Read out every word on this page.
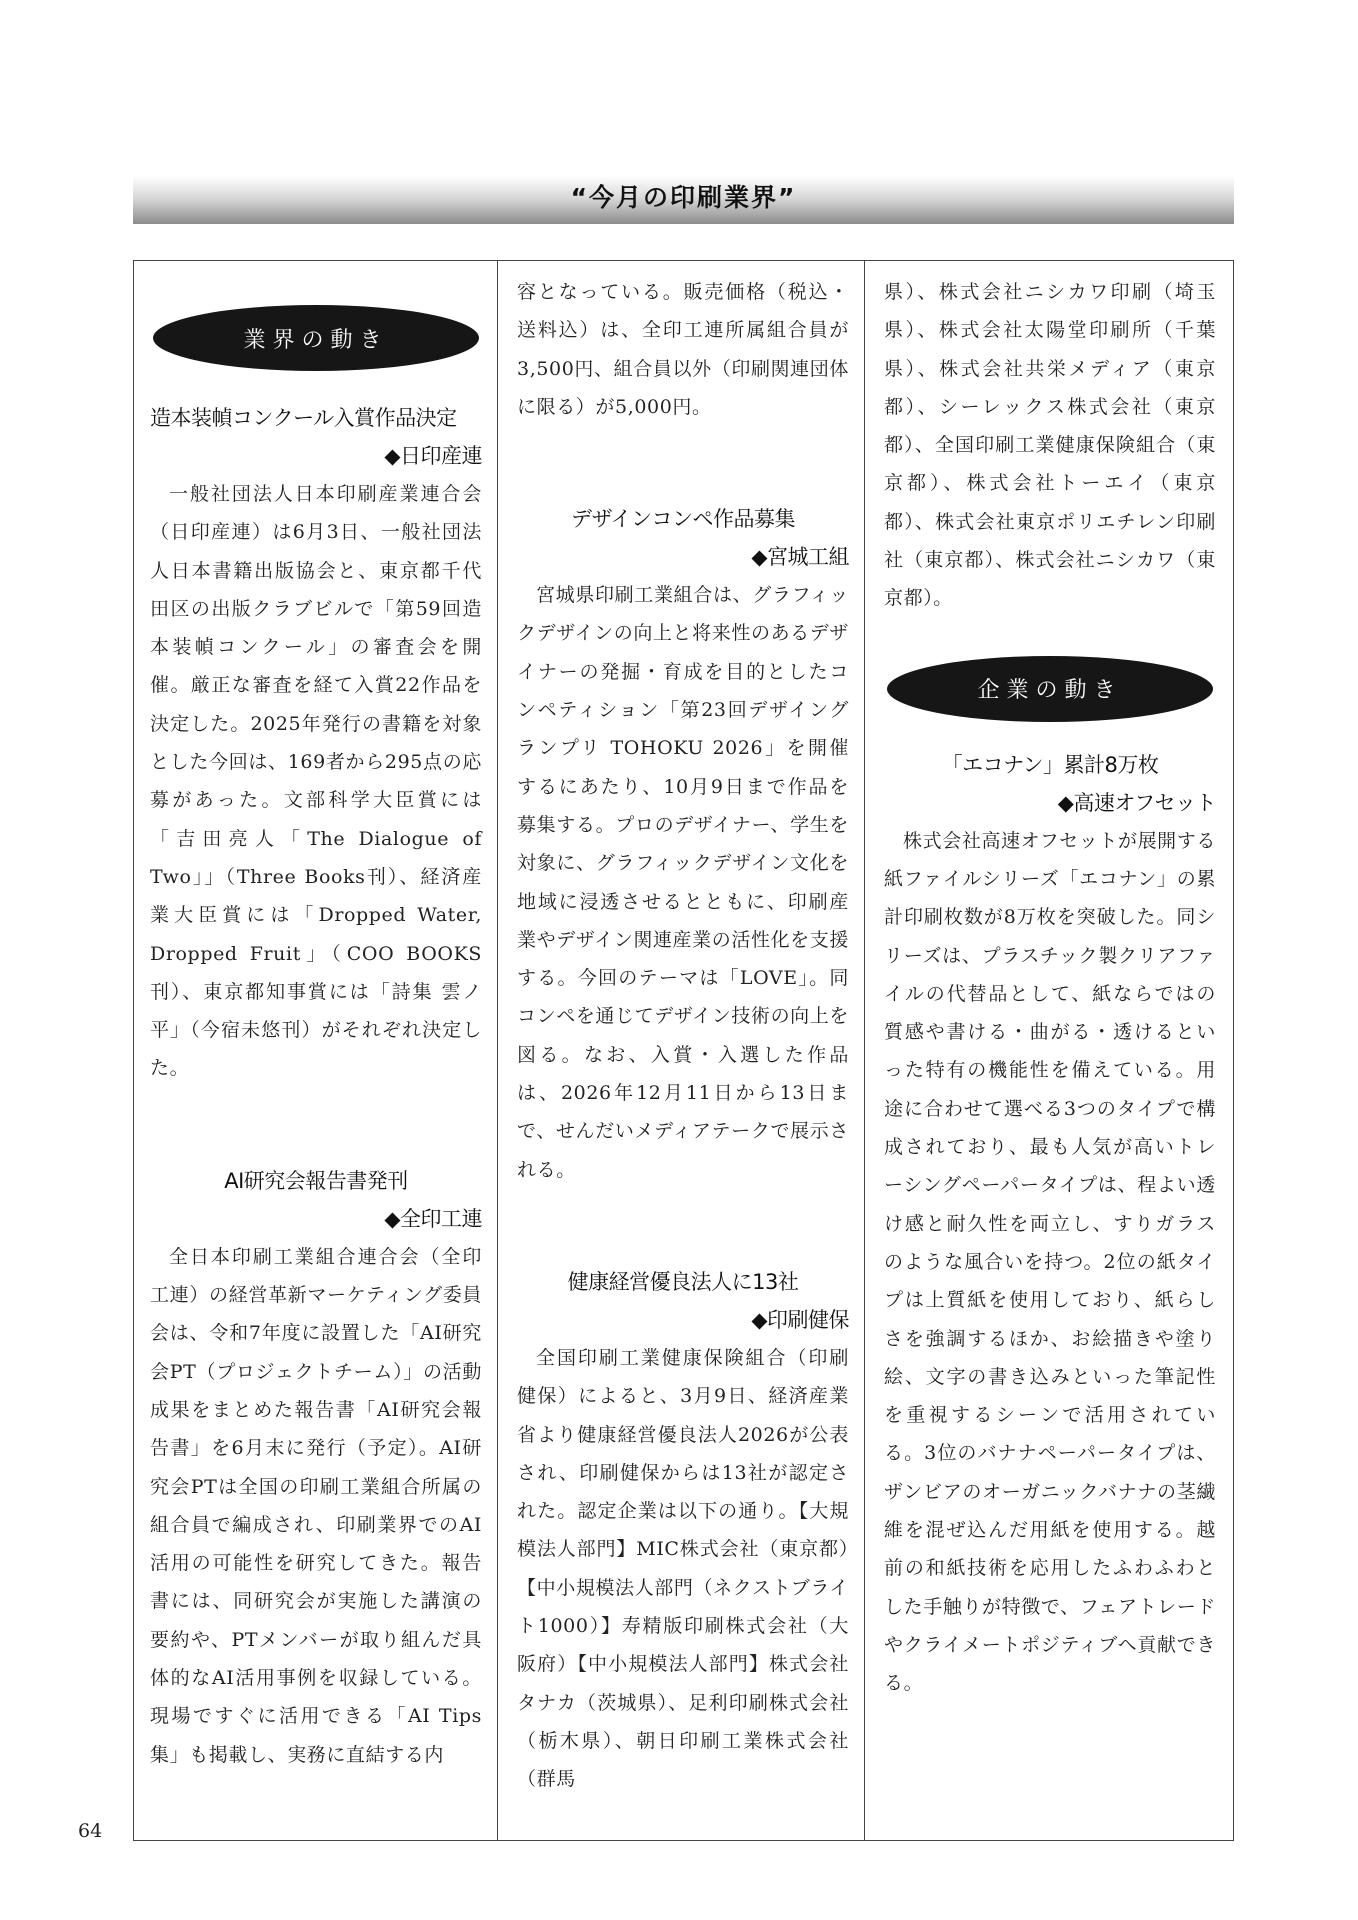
“今月の印刷業界”
業界の動き
造本装幀コンクール入賞作品決定
◆日印産連

一般社団法人日本印刷産業連合会（日印産連）は6月3日、一般社団法人日本書籍出版協会と、東京都千代田区の出版クラブビルで「第59回造本装幀コンクール」の審査会を開催。厳正な審査を経て入賞22作品を決定した。2025年発行の書籍を対象とした今回は、169者から295点の応募があった。文部科学大臣賞には「吉田亮人「The Dialogue of Two」」（Three Books刊）、経済産業大臣賞には「Dropped Water, Dropped Fruit」（COO BOOKS刊）、東京都知事賞には「詩集 雲ノ平」（今宿未悠刊）がそれぞれ決定した。

AI研究会報告書発刊
◆全印工連

全日本印刷工業組合連合会（全印工連）の経営革新マーケティング委員会は、令和7年度に設置した「AI研究会PT（プロジェクトチーム）」の活動成果をまとめた報告書「AI研究会報告書」を6月末に発行（予定）。AI研究会PTは全国の印刷工業組合所属の組合員で編成され、印刷業界でのAI活用の可能性を研究してきた。報告書には、同研究会が実施した講演の要約や、PTメンバーが取り組んだ具体的なAI活用事例を収録している。現場ですぐに活用できる「AI Tips集」も掲載し、実務に直結する内

容となっている。販売価格（税込・送料込）は、全印工連所属組合員が3,500円、組合員以外（印刷関連団体に限る）が5,000円。

デザインコンペ作品募集
◆宮城工組

宮城県印刷工業組合は、グラフィックデザインの向上と将来性のあるデザイナーの発掘・育成を目的としたコンペティション「第23回デザイングランプリ TOHOKU 2026」を開催するにあたり、10月9日まで作品を募集する。プロのデザイナー、学生を対象に、グラフィックデザイン文化を地域に浸透させるとともに、印刷産業やデザイン関連産業の活性化を支援する。今回のテーマは「LOVE」。同コンペを通じてデザイン技術の向上を図る。なお、入賞・入選した作品は、2026年12月11日から13日まで、せんだいメディアテークで展示される。

健康経営優良法人に13社
◆印刷健保

全国印刷工業健康保険組合（印刷健保）によると、3月9日、経済産業省より健康経営優良法人2026が公表され、印刷健保からは13社が認定された。認定企業は以下の通り。【大規模法人部門】MIC株式会社（東京都）【中小規模法人部門（ネクストブライト1000）】寿精版印刷株式会社（大阪府）【中小規模法人部門】株式会社タナカ（茨城県）、足利印刷株式会社（栃木県）、朝日印刷工業株式会社（群馬

県）、株式会社ニシカワ印刷（埼玉県）、株式会社太陽堂印刷所（千葉県）、株式会社共栄メディア（東京都）、シーレックス株式会社（東京都）、全国印刷工業健康保険組合（東京都）、株式会社トーエイ（東京都）、株式会社東京ポリエチレン印刷社（東京都）、株式会社ニシカワ（東京都）。

企業の動き
「エコナン」累計8万枚
◆高速オフセット

株式会社高速オフセットが展開する紙ファイルシリーズ「エコナン」の累計印刷枚数が8万枚を突破した。同シリーズは、プラスチック製クリアファイルの代替品として、紙ならではの質感や書ける・曲がる・透けるといった特有の機能性を備えている。用途に合わせて選べる3つのタイプで構成されており、最も人気が高いトレーシングペーパータイプは、程よい透け感と耐久性を両立し、すりガラスのような風合いを持つ。2位の紙タイプは上質紙を使用しており、紙らしさを強調するほか、お絵描きや塗り絵、文字の書き込みといった筆記性を重視するシーンで活用されている。3位のバナナペーパータイプは、ザンビアのオーガニックバナナの茎繊維を混ぜ込んだ用紙を使用する。越前の和紙技術を応用したふわふわとした手触りが特徴で、フェアトレードやクライメートポジティブへ貢献できる。

64
